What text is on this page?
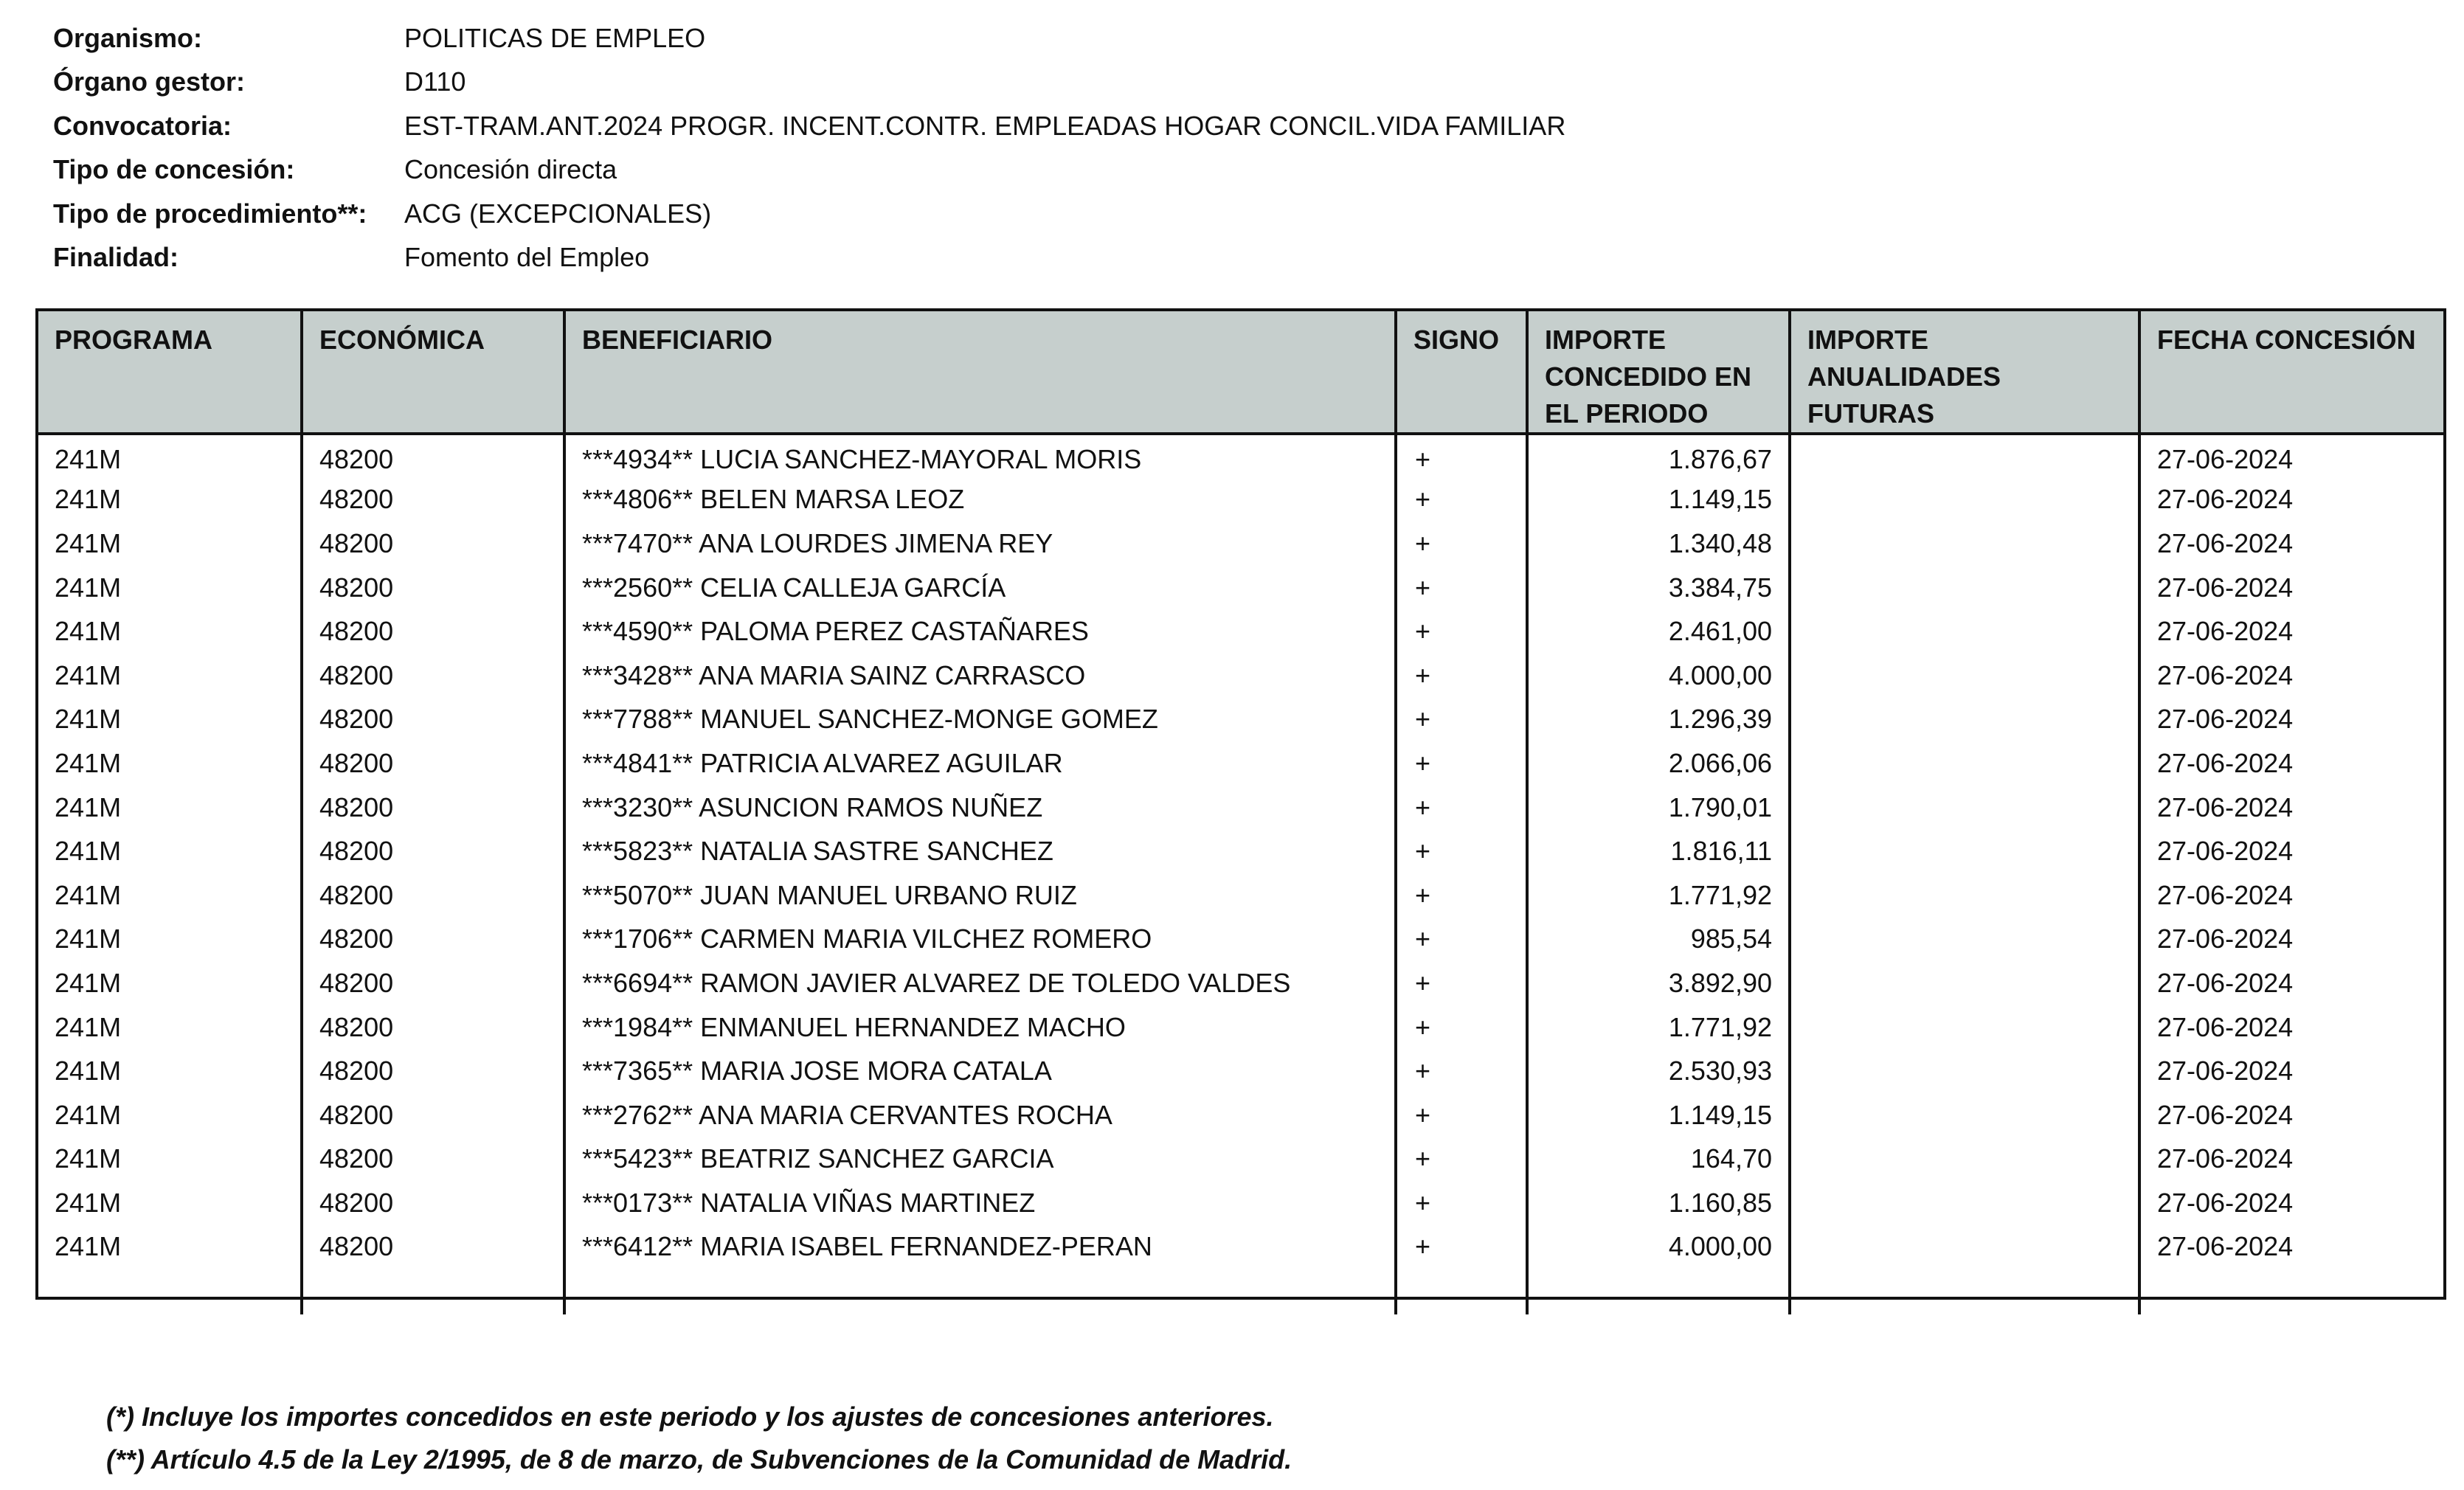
Organismo:	POLITICAS DE EMPLEO
Órgano gestor:	D110
Convocatoria:	EST-TRAM.ANT.2024 PROGR. INCENT.CONTR. EMPLEADAS HOGAR CONCIL.VIDA FAMILIAR
Tipo de concesión:	Concesión directa
Tipo de procedimiento**:	ACG (EXCEPCIONALES)
Finalidad:	Fomento del Empleo
PROGRAMA	ECONÓMICA	BENEFICIARIO	SIGNO	IMPORTE CONCEDIDO EN EL PERIODO	IMPORTE ANUALIDADES FUTURAS	FECHA CONCESIÓN
241M	48200	***4934** LUCIA SANCHEZ-MAYORAL MORIS	+	1.876,67		27-06-2024
241M	48200	***4806** BELEN MARSA LEOZ	+	1.149,15		27-06-2024
241M	48200	***7470** ANA LOURDES JIMENA REY	+	1.340,48		27-06-2024
241M	48200	***2560** CELIA CALLEJA GARCÍA	+	3.384,75		27-06-2024
241M	48200	***4590** PALOMA PEREZ CASTAÑARES	+	2.461,00		27-06-2024
241M	48200	***3428** ANA MARIA SAINZ CARRASCO	+	4.000,00		27-06-2024
241M	48200	***7788** MANUEL SANCHEZ-MONGE GOMEZ	+	1.296,39		27-06-2024
241M	48200	***4841** PATRICIA ALVAREZ AGUILAR	+	2.066,06		27-06-2024
241M	48200	***3230** ASUNCION RAMOS NUÑEZ	+	1.790,01		27-06-2024
241M	48200	***5823** NATALIA SASTRE SANCHEZ	+	1.816,11		27-06-2024
241M	48200	***5070** JUAN MANUEL URBANO RUIZ	+	1.771,92		27-06-2024
241M	48200	***1706** CARMEN MARIA VILCHEZ ROMERO	+	985,54		27-06-2024
241M	48200	***6694** RAMON JAVIER ALVAREZ DE TOLEDO VALDES	+	3.892,90		27-06-2024
241M	48200	***1984** ENMANUEL HERNANDEZ MACHO	+	1.771,92		27-06-2024
241M	48200	***7365** MARIA JOSE MORA CATALA	+	2.530,93		27-06-2024
241M	48200	***2762** ANA MARIA CERVANTES ROCHA	+	1.149,15		27-06-2024
241M	48200	***5423** BEATRIZ SANCHEZ GARCIA	+	164,70		27-06-2024
241M	48200	***0173** NATALIA VIÑAS MARTINEZ	+	1.160,85		27-06-2024
241M	48200	***6412** MARIA ISABEL FERNANDEZ-PERAN	+	4.000,00		27-06-2024

(*) Incluye los importes concedidos en este periodo y los ajustes de concesiones anteriores.
(**) Artículo 4.5 de la Ley 2/1995, de 8 de marzo, de Subvenciones de la Comunidad de Madrid.
